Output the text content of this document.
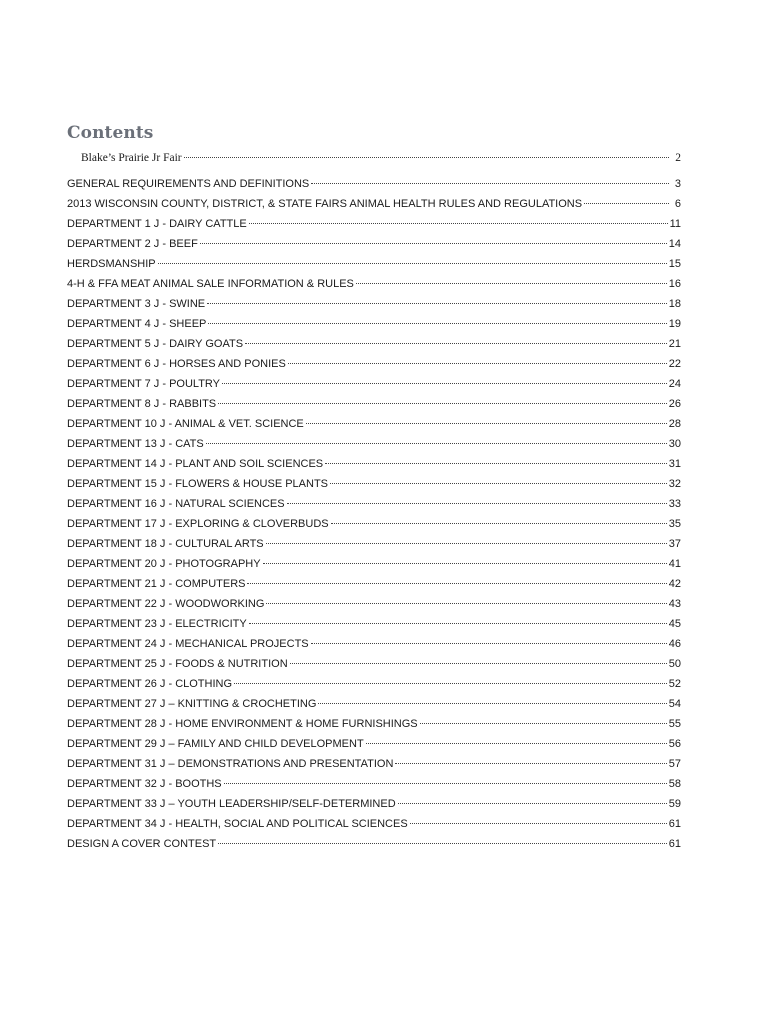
Contents
Blake’s Prairie Jr Fair	2
GENERAL REQUIREMENTS AND DEFINITIONS	3
2013 WISCONSIN COUNTY, DISTRICT, & STATE FAIRS ANIMAL HEALTH RULES AND REGULATIONS	6
DEPARTMENT 1 J - DAIRY CATTLE	11
DEPARTMENT 2 J - BEEF	14
HERDSMANSHIP	15
4-H & FFA MEAT ANIMAL SALE INFORMATION & RULES	16
DEPARTMENT 3 J - SWINE	18
DEPARTMENT 4 J - SHEEP	19
DEPARTMENT 5 J - DAIRY GOATS	21
DEPARTMENT 6 J - HORSES AND PONIES	22
DEPARTMENT 7 J - POULTRY	24
DEPARTMENT 8 J - RABBITS	26
DEPARTMENT 10 J - ANIMAL & VET. SCIENCE	28
DEPARTMENT 13 J - CATS	30
DEPARTMENT 14 J - PLANT AND SOIL SCIENCES	31
DEPARTMENT 15 J - FLOWERS & HOUSE PLANTS	32
DEPARTMENT 16 J - NATURAL SCIENCES	33
DEPARTMENT 17 J - EXPLORING & CLOVERBUDS	35
DEPARTMENT 18 J - CULTURAL ARTS	37
DEPARTMENT 20 J - PHOTOGRAPHY	41
DEPARTMENT 21 J - COMPUTERS	42
DEPARTMENT 22 J - WOODWORKING	43
DEPARTMENT 23 J - ELECTRICITY	45
DEPARTMENT 24 J - MECHANICAL PROJECTS	46
DEPARTMENT 25 J - FOODS & NUTRITION	50
DEPARTMENT 26 J - CLOTHING	52
DEPARTMENT 27 J – KNITTING & CROCHETING	54
DEPARTMENT 28 J - HOME ENVIRONMENT & HOME FURNISHINGS	55
DEPARTMENT 29 J – FAMILY AND CHILD DEVELOPMENT	56
DEPARTMENT 31 J – DEMONSTRATIONS AND PRESENTATION	57
DEPARTMENT 32 J - BOOTHS	58
DEPARTMENT 33 J – YOUTH LEADERSHIP/SELF-DETERMINED	59
DEPARTMENT 34 J - HEALTH, SOCIAL AND POLITICAL SCIENCES	61
DESIGN A COVER CONTEST	61
